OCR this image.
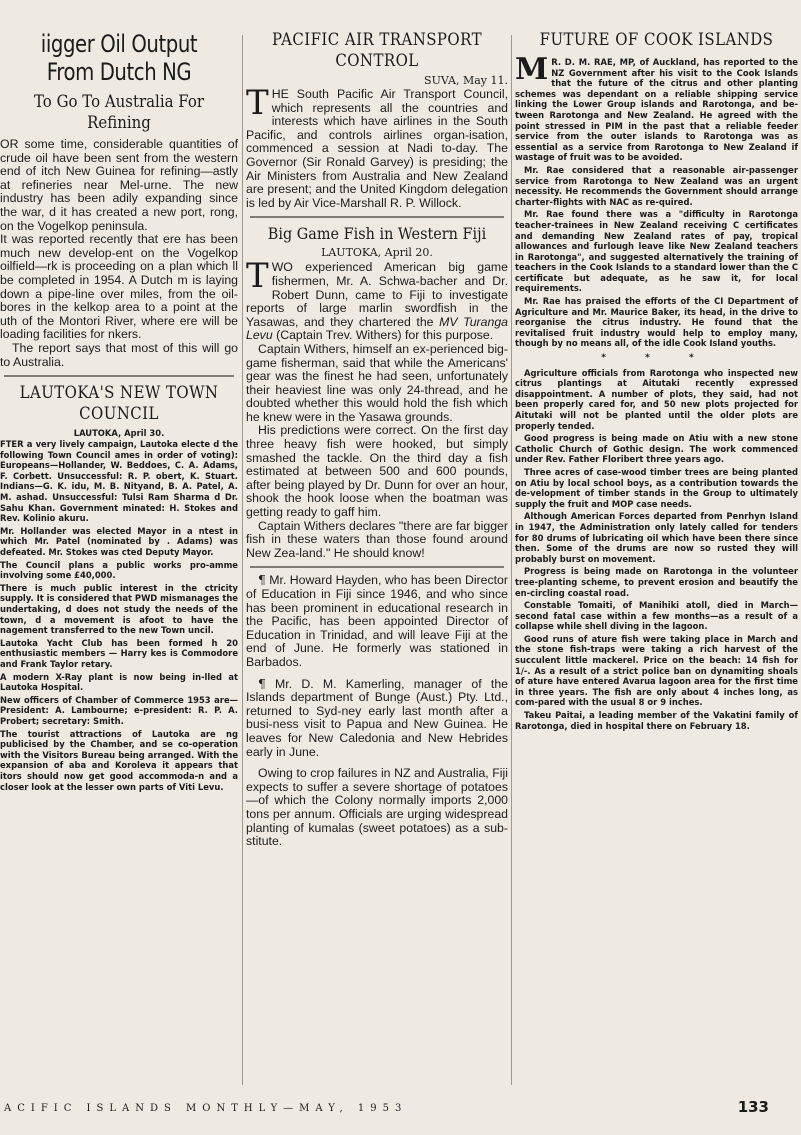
iigger Oil Output
From Dutch NG
To Go To Australia For Refining

OR some time, considerable quantities of crude oil have been sent from the western end of itch New Guinea for refining—astly at refineries near Mel-urne. The new industry has been adily expanding since the war, d it has created a new port, rong, on the Vogelkop peninsula.

It was reported recently that ere has been much new develop-ent on the Vogelkop oilfield—rk is proceeding on a plan which ll be completed in 1954. A Dutch m is laying down a pipe-line over miles, from the oil-bores in the kelkop area to a point at the uth of the Montori River, where ere will be loading facilities for nkers.

The report says that most of this will go to Australia.

LAUTOKA'S NEW TOWN COUNCIL
LAUTOKA, April 30.

FTER a very lively campaign, Lautoka electe d the following Town Council ames in order of voting): Europeans—Hollander, W. Beddoes, C. A. Adams, F. Corbett. Unsuccessful: R. P. obert, K. Stuart. Indians—G. K. idu, M. B. Nityand, B. A. Patel, A. M. ashad. Unsuccessful: Tulsi Ram Sharma d Dr. Sahu Khan. Government minated: H. Stokes and Rev. Kolinio akuru.

Mr. Hollander was elected Mayor in a ntest in which Mr. Patel (nominated by . Adams) was defeated. Mr. Stokes was cted Deputy Mayor.

The Council plans a public works pro-amme involving some £40,000.

There is much public interest in the ctricity supply. It is considered that PWD mismanages the undertaking, d does not study the needs of the town, d a movement is afoot to have the nagement transferred to the new Town uncil.

Lautoka Yacht Club has been formed h 20 enthusiastic members — Harry kes is Commodore and Frank Taylor retary.

A modern X-Ray plant is now being in-lled at Lautoka Hospital.

New officers of Chamber of Commerce 1953 are—President: A. Lambourne; e-president: R. P. A. Probert; secretary: Smith.

The tourist attractions of Lautoka are ng publicised by the Chamber, and se co-operation with the Visitors Bureau being arranged. With the expansion of aba and Koroleva it appears that itors should now get good accommoda-n and a closer look at the lesser own parts of Viti Levu.

PACIFIC AIR TRANSPORT CONTROL
SUVA, May 11.

THE South Pacific Air Transport Council, which represents all the countries and interests which have airlines in the South Pacific, and controls airlines organ-isation, commenced a session at Nadi to-day. The Governor (Sir Ronald Garvey) is presiding; the Air Ministers from Australia and New Zealand are present; and the United Kingdom delegation is led by Air Vice-Marshall R. P. Willock.

Big Game Fish in Western Fiji
LAUTOKA, April 20.

TWO experienced American big game fishermen, Mr. A. Schwa-bacher and Dr. Robert Dunn, came to Fiji to investigate reports of large marlin swordfish in the Yasawas, and they chartered the MV Turanga Levu (Captain Trev. Withers) for this purpose.

Captain Withers, himself an ex-perienced big-game fisherman, said that while the Americans' gear was the finest he had seen, unfortunately their heaviest line was only 24-thread, and he doubted whether this would hold the fish which he knew were in the Yasawa grounds.

His predictions were correct. On the first day three heavy fish were hooked, but simply smashed the tackle. On the third day a fish estimated at between 500 and 600 pounds, after being played by Dr. Dunn for over an hour, shook the hook loose when the boatman was getting ready to gaff him.

Captain Withers declares "there are far bigger fish in these waters than those found around New Zea-land." He should know!

¶ Mr. Howard Hayden, who has been Director of Education in Fiji since 1946, and who since has been prominent in educational research in the Pacific, has been appointed Director of Education in Trinidad, and will leave Fiji at the end of June. He formerly was stationed in Barbados.

¶ Mr. D. M. Kamerling, manager of the Islands department of Bunge (Aust.) Pty. Ltd., returned to Syd-ney early last month after a busi-ness visit to Papua and New Guinea. He leaves for New Caledonia and New Hebrides early in June.

Owing to crop failures in NZ and Australia, Fiji expects to suffer a severe shortage of potatoes—of which the Colony normally imports 2,000 tons per annum. Officials are urging widespread planting of kumalas (sweet potatoes) as a sub-stitute.

FUTURE OF COOK ISLANDS

M R. D. M. RAE, MP, of Auckland, has reported to the NZ Government after his visit to the Cook Islands that the future of the citrus and other planting schemes was dependant on a reliable shipping service linking the Lower Group islands and Rarotonga, and be-tween Rarotonga and New Zealand. He agreed with the point stressed in PIM in the past that a reliable feeder service from the outer islands to Rarotonga was as essential as a service from Rarotonga to New Zealand if wastage of fruit was to be avoided.

Mr. Rae considered that a reasonable air-passenger service from Rarotonga to New Zealand was an urgent necessity. He recommends the Government should arrange charter-flights with NAC as re-quired.

Mr. Rae found there was a "difficulty in Rarotonga teacher-trainees in New Zealand receiving C certificates and demanding New Zealand rates of pay, tropical allowances and furlough leave like New Zealand teachers in Rarotonga", and suggested alternatively the training of teachers in the Cook Islands to a standard lower than the C certificate but adequate, as he saw it, for local requirements.

Mr. Rae has praised the efforts of the CI Department of Agriculture and Mr. Maurice Baker, its head, in the drive to reorganise the citrus industry. He found that the revitalised fruit industry would help to employ many, though by no means all, of the idle Cook Island youths.

* * *

Agriculture officials from Rarotonga who inspected new citrus plantings at Aitutaki recently expressed disappointment. A number of plots, they said, had not been properly cared for, and 50 new plots projected for Aitutaki will not be planted until the older plots are properly tended.

Good progress is being made on Atiu with a new stone Catholic Church of Gothic design. The work commenced under Rev. Father Floribert three years ago.

Three acres of case-wood timber trees are being planted on Atiu by local school boys, as a contribution towards the de-velopment of timber stands in the Group to ultimately supply the fruit and MOP case needs.

Although American Forces departed from Penrhyn Island in 1947, the Administration only lately called for tenders for 80 drums of lubricating oil which have been there since then. Some of the drums are now so rusted they will probably burst on movement.

Progress is being made on Rarotonga in the volunteer tree-planting scheme, to prevent erosion and beautify the en-circling coastal road.

Constable Tomaiti, of Manihiki atoll, died in March—second fatal case within a few months—as a result of a collapse while shell diving in the lagoon.

Good runs of ature fish were taking place in March and the stone fish-traps were taking a rich harvest of the succulent little mackerel. Price on the beach: 14 fish for 1/-. As a result of a strict police ban on dynamiting shoals of ature have entered Avarua lagoon area for the first time in three years. The fish are only about 4 inches long, as com-pared with the usual 8 or 9 inches.

Takeu Paitai, a leading member of the Vakatini family of Rarotonga, died in hospital there on February 18.

ACIFIC ISLANDS MONTHLY—MAY, 1953	133
